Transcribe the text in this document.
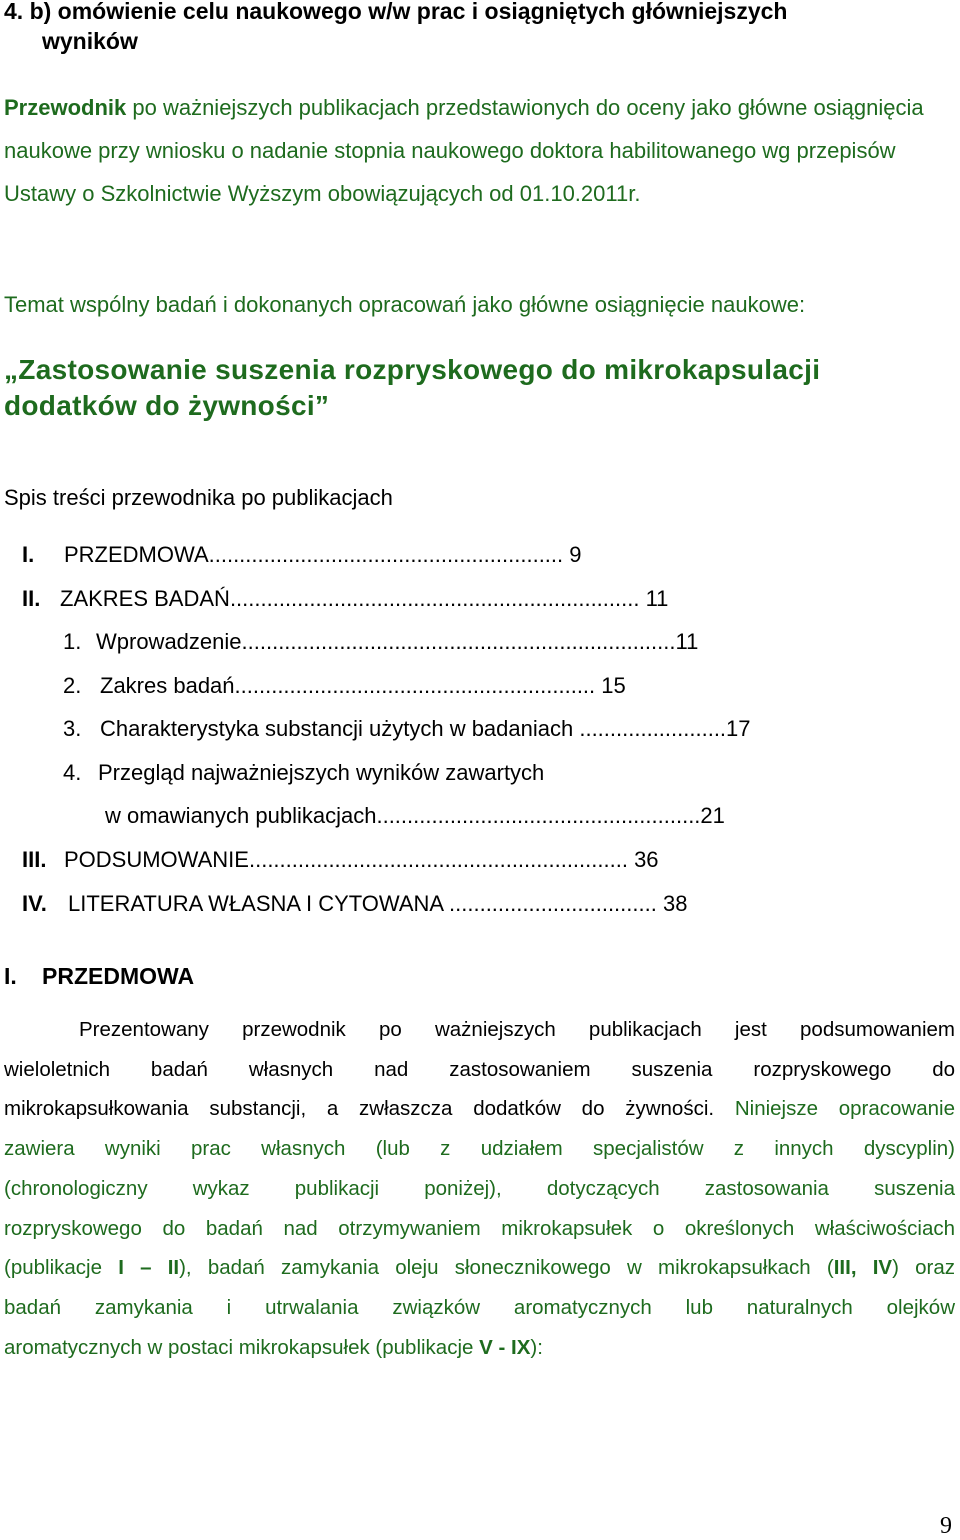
4. b) omówienie celu naukowego w/w prac i osiągniętych główniejszych
wyników
Przewodnik po ważniejszych publikacjach przedstawionych do oceny jako główne osiągnięcia naukowe przy wniosku o nadanie stopnia naukowego doktora habilitowanego wg przepisów Ustawy o Szkolnictwie Wyższym obowiązujących od 01.10.2011r.
Temat wspólny badań i dokonanych opracowań jako główne osiągnięcie naukowe:
„Zastosowanie suszenia rozpryskowego do mikrokapsulacji dodatków do żywności”
Spis treści przewodnika po publikacjach
I. PRZEDMOWA.......................................................... 9
II. ZAKRES BADAŃ................................................................... 11
1. Wprowadzenie.......................................................................11
2. Zakres badań........................................................... 15
3. Charakterystyka substancji użytych w badaniach ........................17
4. Przegląd najważniejszych wyników zawartych
w omawianych publikacjach.....................................................21
III. PODSUMOWANIE.............................................................. 36
IV. LITERATURA WŁASNA I CYTOWANA .................................. 38
I. PRZEDMOWA
Prezentowany przewodnik po ważniejszych publikacjach jest podsumowaniem
wieloletnich badań własnych nad zastosowaniem suszenia rozpryskowego do
mikrokapsułkowania substancji, a zwłaszcza dodatków do żywności. Niniejsze opracowanie
zawiera wyniki prac własnych (lub z udziałem specjalistów z innych dyscyplin)
(chronologiczny wykaz publikacji poniżej), dotyczących zastosowania suszenia
rozpryskowego do badań nad otrzymywaniem mikrokapsułek o określonych właściwościach
(publikacje I – II), badań zamykania oleju słonecznikowego w mikrokapsułkach (III, IV) oraz
badań zamykania i utrwalania związków aromatycznych lub naturalnych olejków
aromatycznych w postaci mikrokapsułek (publikacje V - IX):
9
